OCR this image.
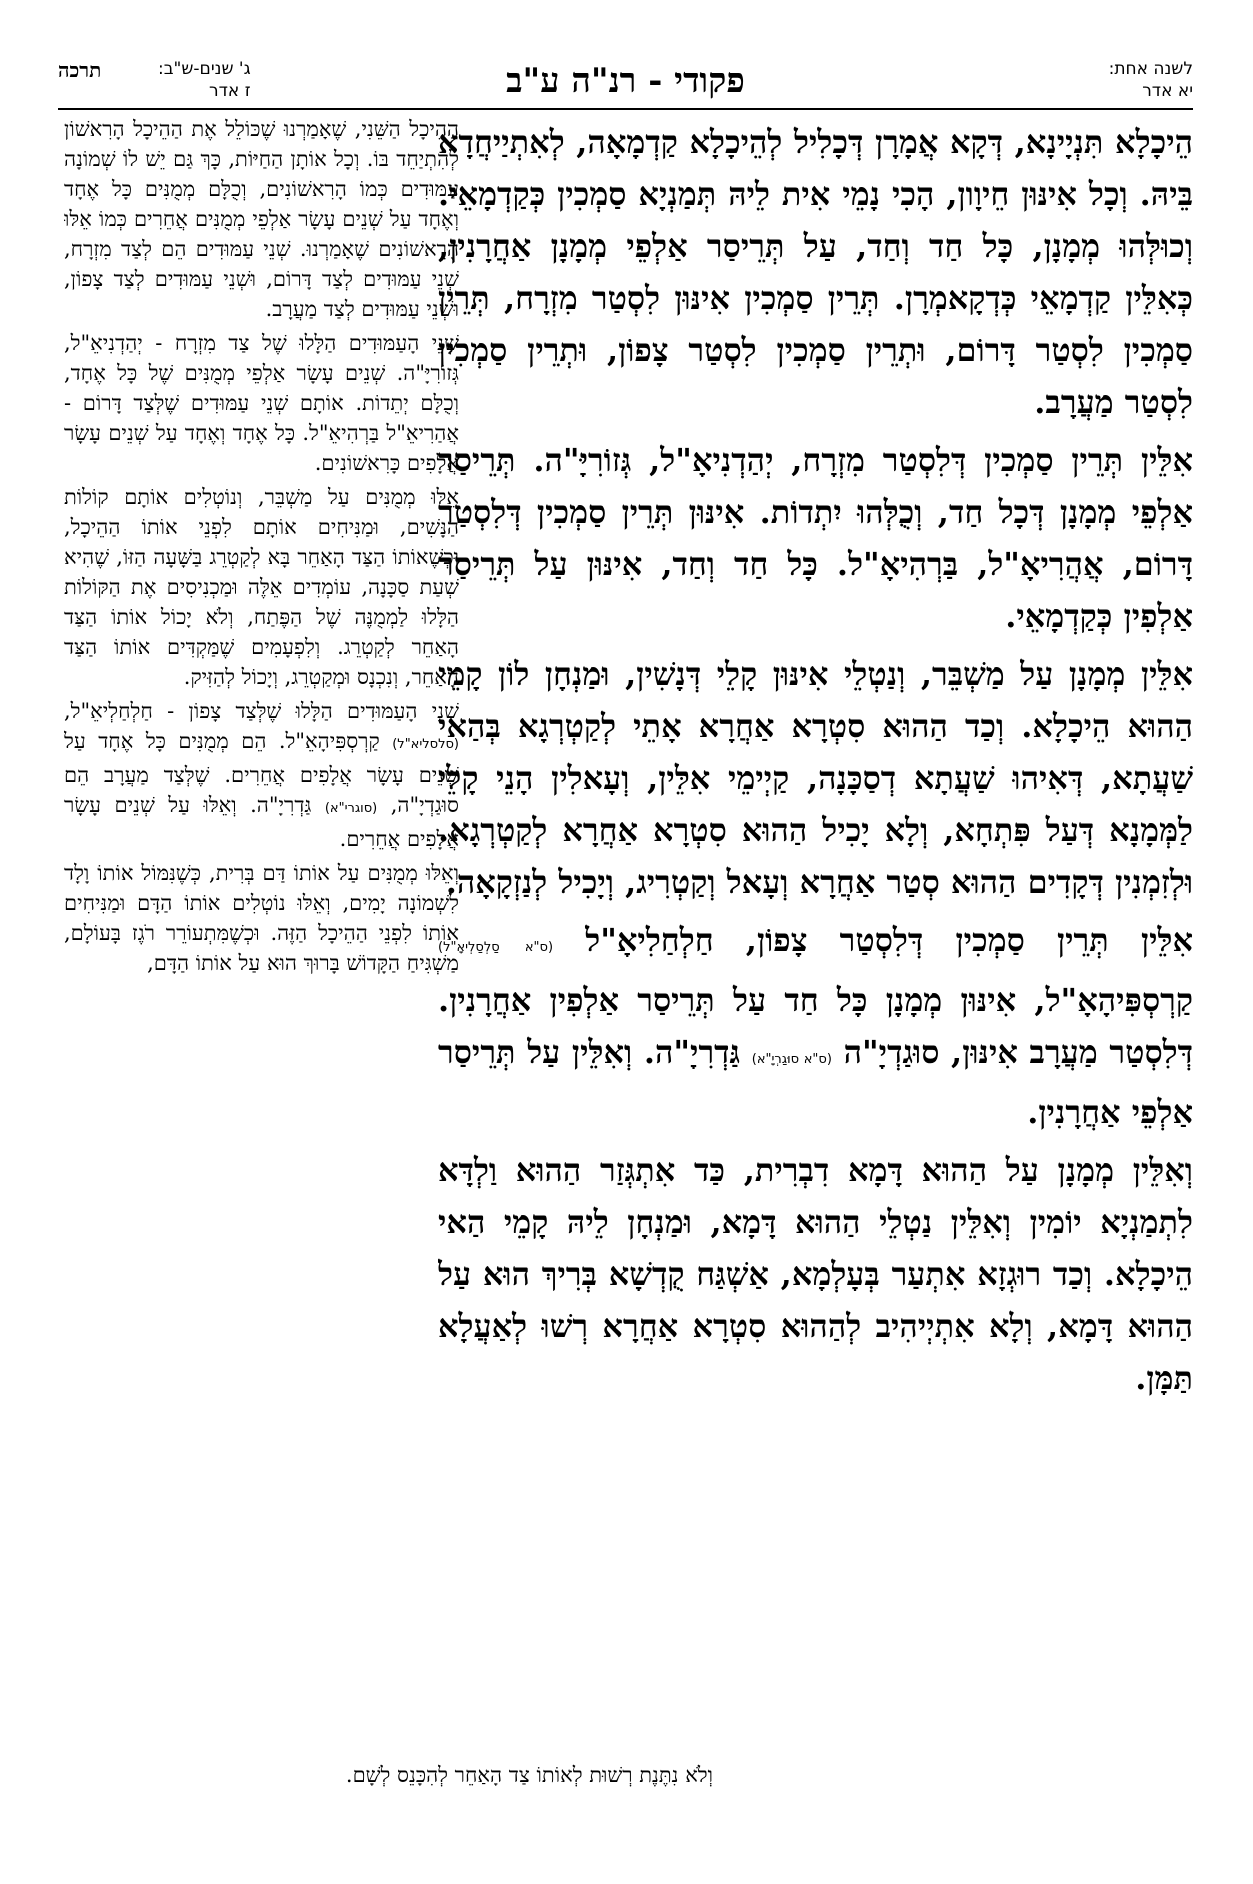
לשנה אחת:
יא אדר
פקודי - רנ"ה ע"ב
ג' שנים-ש"ב:
ז אדר
תרכה

הֵיכָלָא תִּנְיָינָא, דְּקָא אֲמָרָן דְּכָלִיל לְהֵיכָלָא קַדְמָאָה, לְאִתְיַיחֲדָא בֵּיהּ. וְכָל אִינּוּן חֵיוָון, הָכִי נָמֵי אִית לֵיהּ תְּמַנְיָא סַמְכִין כְּקַדְמָאֵי. וְכוּלְּהוּ מְמָנָן, כָּל חַד וְחַד, עַל תְּרֵיסַר אַלְפֵי מְמָנָן אַחֲרָנִין, כְּאִלֵּין קַדְמָאֵי כְּדְקָאמְרָן. תְּרֵין סַמְכִין אִינּוּן לִסְטַר מִזְרָח, תְּרֵין סַמְכִין לִסְטַר דָּרוֹם, וּתְרֵין סַמְכִין לִסְטַר צָפוֹן, וּתְרֵין סַמְכִין לִסְטַר מַעֲרָב.

אִלֵּין תְּרֵין סַמְכִין דְּלִסְטַר מִזְרָח, יְהַדְנִיאָ"ל, גְּזוֹרִיָּ"ה. תְּרֵיסַר אַלְפֵי מְמָנָן דְּכָל חַד, וְכֻלְּהוּ יִתְדוֹת. אִינּוּן תְּרֵין סַמְכִין דְּלִסְטַר דָּרוֹם, אֲהֲרִיאָ"ל, בַּרְהִיאָ"ל. כָּל חַד וְחַד, אִינּוּן עַל תְּרֵיסַר אַלְפִין כְּקַדְמָאֵי.

אִלֵּין מְמָנָן עַל מַשְׁבֵּר, וְנַטְלֵי אִינּוּן קָלֵי דְּנָשִׁין, וּמַנְחָן לוֹן קָמֵי הַהוּא הֵיכָלָא. וְכַד הַהוּא סִטְרָא אַחֲרָא אָתֵי לְקַטְרְגָא בְּהַאי שַׁעֲתָא, דְּאִיהוּ שַׁעֲתָא דְסַכָּנָה, קַיְימֵי אִלֵּין, וְעָאלִין הָנֵי קָלֵי לַמְּמָנָא דְּעַל פִּתְחָא, וְלָא יָכִיל הַהוּא סִטְרָא אַחֲרָא לְקַטְרְגָא. וּלְזִמְנִין דְּקָדִים הַהוּא סְטַר אַחֲרָא וְעָאל וְקַטְרִיג, וְיָכִיל לְנַזְקָאָה.

אִלֵּין תְּרֵין סַמְכִין דְּלִסְטַר צָפוֹן, חַלְחַלִיאָ"ל (ס"א סַלְסַלְיאָ"ל) קַרְסְפִּיהָאָ"ל, אִינּוּן מְמָנָן כָּל חַד עַל תְּרֵיסַר אַלְפִין אַחֲרָנִין. דְּלִסְטַר מַעֲרָב אִינּוּן, סוּגַדְיָ"ה (ס"א סוּגַרְיָ"א) גַּדְרִיָ"ה. וְאִלֵּין עַל תְּרֵיסַר אַלְפֵי אַחֲרָנִין.

וְאִלֵּין מְמָנָן עַל הַהוּא דָּמָא דִבְרִית, כַּד אִתְגְּזַר הַהוּא וַלְדָּא לִתְמַנְיָא יוֹמִין וְאִלֵּין נַטְלֵי הַהוּא דָּמָא, וּמַנְחָן לֵיהּ קָמֵי הַאי הֵיכָלָא. וְכַד רוּגְזָא אִתְעַר בְּעָלְמָא, אַשְׁגַּח קֻדְשָׁא בְּרִיךְ הוּא עַל הַהוּא דָּמָא, וְלָא אִתְיְיהִיב לְהַהוּא סִטְרָא אַחֲרָא רְשׁוּ לְאַעֲלָא תַּמָּן.

הַהֵיכָל הַשֵּׁנִי, שֶׁאָמַרְנוּ שֶׁכּוֹלֵל אֶת הַהֵיכָל הָרִאשׁוֹן לְהִתְיַחֵד בּוֹ. וְכָל אוֹתָן הַחַיּוֹת, כָּךְ גַּם יֵשׁ לוֹ שְׁמוֹנָה עַמּוּדִים כְּמוֹ הָרִאשׁוֹנִים, וְכֻלָּם מְמֻנִּים כָּל אֶחָד וְאֶחָד עַל שְׁנֵים עָשָׂר אַלְפֵי מְמֻנִּים אֲחֵרִים כְּמוֹ אֵלּוּ הָרִאשׁוֹנִים שֶׁאָמַרְנוּ. שְׁנֵי עַמּוּדִים הֵם לְצַד מִזְרָח, שְׁנֵי עַמּוּדִים לְצַד דָּרוֹם, וּשְׁנֵי עַמּוּדִים לְצַד צָפוֹן, וּשְׁנֵי עַמּוּדִים לְצַד מַעֲרָב.

שְׁנֵי הָעַמּוּדִים הַלָּלוּ שֶׁל צַד מִזְרָח - יְהַדְנִיאֵ"ל, גְּזוֹרִיָּ"ה. שְׁנֵים עָשָׂר אַלְפֵי מְמֻנִּים שֶׁל כָּל אֶחָד, וְכֻלָּם יְתֵדוֹת. אוֹתָם שְׁנֵי עַמּוּדִים שֶׁלְּצַד דָּרוֹם - אֲהַרִיאֵ"ל בַּרְהִיאֵ"ל. כָּל אֶחָד וְאֶחָד עַל שְׁנֵים עָשָׂר אֲלָפִים כָּרִאשׁוֹנִים.

אֵלּוּ מְמֻנִּים עַל מַשְׁבֵּר, וְנוֹטְלִים אוֹתָם קוֹלוֹת הַנָּשִׁים, וּמַנִּיחִים אוֹתָם לִפְנֵי אוֹתוֹ הַהֵיכָל, וּכְשֶׁאוֹתוֹ הַצַּד הָאַחֵר בָּא לְקַטְרֵג בַּשָּׁעָה הַזּוֹ, שֶׁהִיא שְׁעַת סַכָּנָה, עוֹמְדִים אֵלֶּה וּמַכְנִיסִים אֶת הַקּוֹלוֹת הַלָּלוּ לַמְמֻנֶּה שֶׁל הַפֶּתַח, וְלֹא יָכוֹל אוֹתוֹ הַצַּד הָאַחֵר לְקַטְרֵג. וְלִפְעָמִים שֶׁמַּקְדִּים אוֹתוֹ הַצַּד הָאַחֵר, וְנִכְנָס וּמְקַטְרֵג, וְיָכוֹל לְהַזִּיק.

שְׁנֵי הָעַמּוּדִים הַלָּלוּ שֶׁלְּצַד צָפוֹן - חַלְחַלְיאֵ"ל, (סלסליא"ל) קַרְסְפִּיהָאֵ"ל. הֵם מְמֻנִּים כָּל אֶחָד עַל שְׁנֵים עָשָׂר אֲלָפִים אֲחֵרִים. שֶׁלְּצַד מַעֲרָב הֵם סוּגַדְיָ"ה, (סוגרי"א) גַּדְרִיָ"ה. וְאֵלּוּ עַל שְׁנֵים עָשָׂר אֲלָפִים אֲחֵרִים.

וְאֵלּוּ מְמֻנִּים עַל אוֹתוֹ דַּם בְּרִית, כְּשֶׁנִּמּוֹל אוֹתוֹ וָלָד לִשְׁמוֹנָה יָמִים, וְאֵלּוּ נוֹטְלִים אוֹתוֹ הַדָּם וּמַנִּיחִים אוֹתוֹ לִפְנֵי הַהֵיכָל הַזֶּה. וּכְשֶׁמִּתְעוֹרֵר רֹגֶז בָּעוֹלָם, מַשְׁגִּיחַ הַקָּדוֹשׁ בָּרוּךְ הוּא עַל אוֹתוֹ הַדָּם,

וְלֹא נִתֶּנֶת רְשׁוּת לְאוֹתוֹ צַד הָאַחֵר לְהִכָּנֵס לְשָׁם.
